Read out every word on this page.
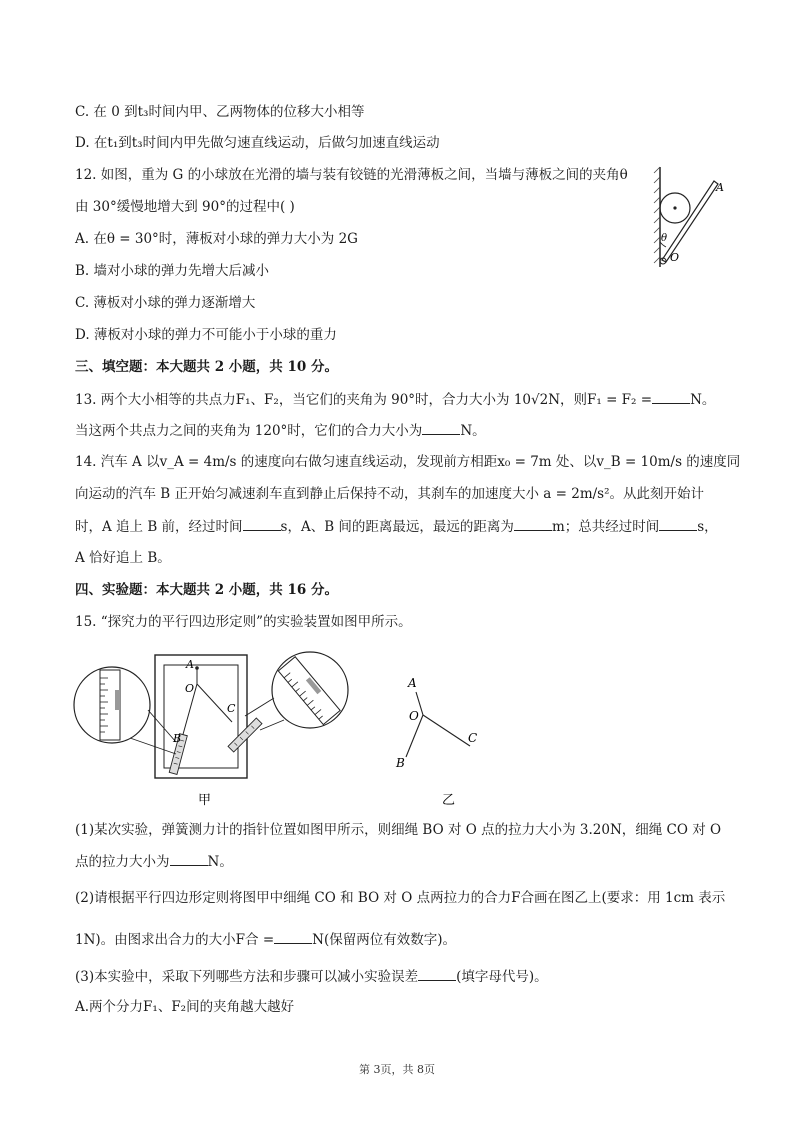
C. 在 0 到t₃时间内甲、乙两物体的位移大小相等
D. 在t₁到t₃时间内甲先做匀速直线运动，后做匀加速直线运动
12. 如图，重为 G 的小球放在光滑的墙与装有铰链的光滑薄板之间，当墙与薄板之间的夹角θ
由 30°缓慢地增大到 90°的过程中( )
A. 在θ = 30°时，薄板对小球的弹力大小为 2G
B. 墙对小球的弹力先增大后减小
C. 薄板对小球的弹力逐渐增大
D. 薄板对小球的弹力不可能小于小球的重力
A
θ
O
三、填空题：本大题共 2 小题，共 10 分。
13. 两个大小相等的共点力F₁、F₂，当它们的夹角为 90°时，合力大小为 10√2N，则F₁ = F₂ =	N。
当这两个共点力之间的夹角为 120°时，它们的合力大小为	N。
14. 汽车 A 以v_A = 4m/s 的速度向右做匀速直线运动，发现前方相距x₀ = 7m 处、以v_B = 10m/s 的速度同
向运动的汽车 B 正开始匀减速刹车直到静止后保持不动，其刹车的加速度大小 a = 2m/s²。从此刻开始计
时，A 追上 B 前，经过时间	s，A、B 间的距离最远，最远的距离为	m；总共经过时间	s，
A 恰好追上 B。
四、实验题：本大题共 2 小题，共 16 分。
15. “探究力的平行四边形定则”的实验装置如图甲所示。
A
O
B
C
甲
A
O
C
B
乙
(1)某次实验，弹簧测力计的指针位置如图甲所示，则细绳 BO 对 O 点的拉力大小为 3.20N，细绳 CO 对 O
点的拉力大小为	N。
(2)请根据平行四边形定则将图甲中细绳 CO 和 BO 对 O 点两拉力的合力F合画在图乙上(要求：用 1cm 表示
1N)。由图求出合力的大小F合 =	N(保留两位有效数字)。
(3)本实验中，采取下列哪些方法和步骤可以减小实验误差	(填字母代号)。
A.两个分力F₁、F₂间的夹角越大越好
第 3页，共 8页
